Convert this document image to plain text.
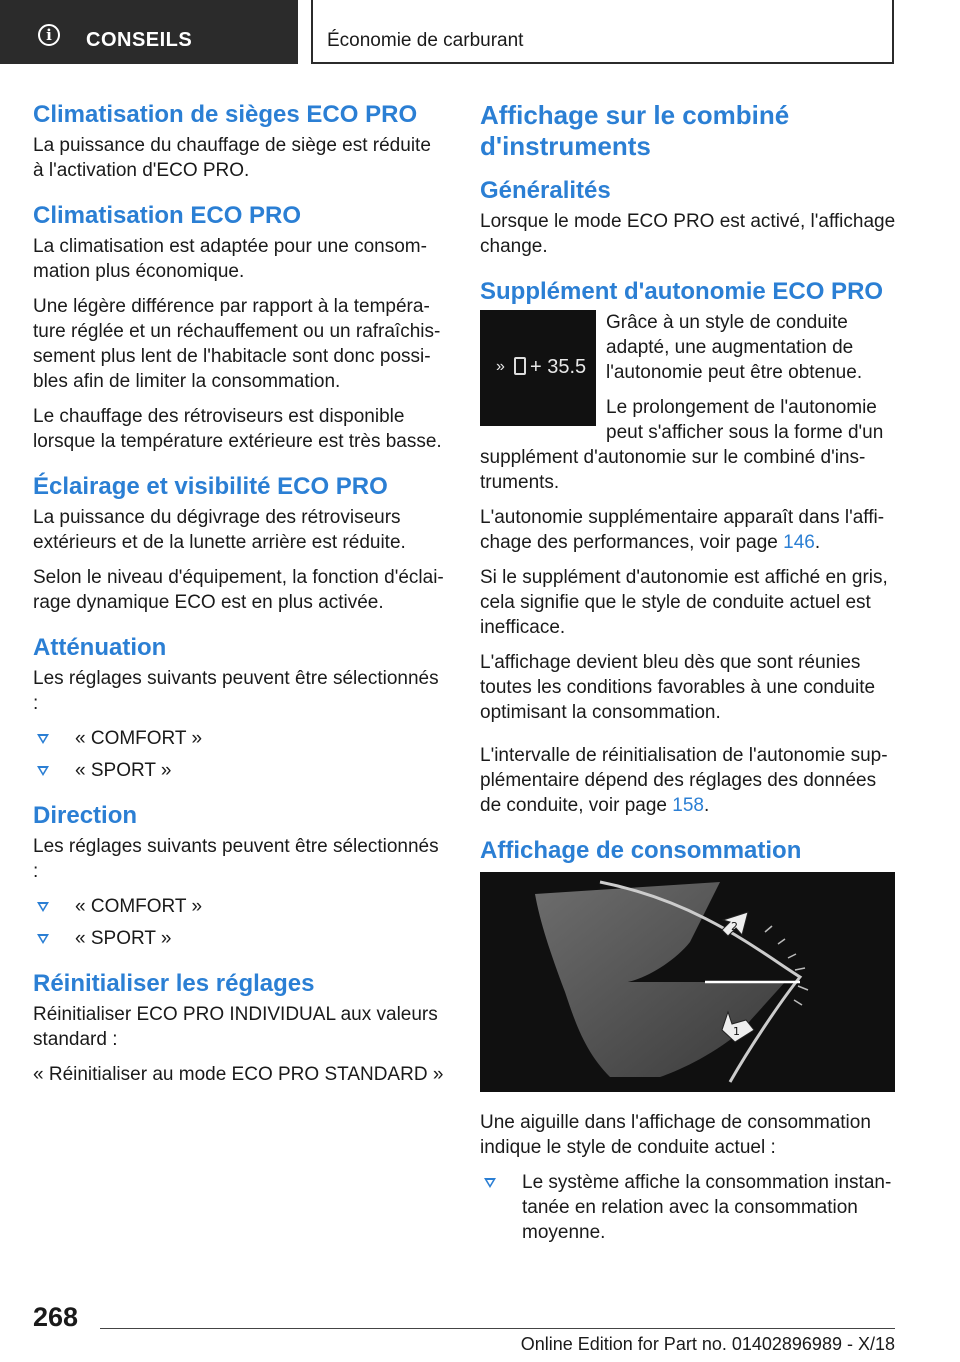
i	CONSEILS	Économie de carburant
Climatisation de sièges ECO PRO

La puissance du chauffage de siège est réduite à l'activation d'ECO PRO.

Climatisation ECO PRO

La climatisation est adaptée pour une consommation plus économique.

Une légère différence par rapport à la température réglée et un réchauffement ou un rafraîchissement plus lent de l'habitacle sont donc possibles afin de limiter la consommation.

Le chauffage des rétroviseurs est disponible lorsque la température extérieure est très basse.

Éclairage et visibilité ECO PRO

La puissance du dégivrage des rétroviseurs extérieurs et de la lunette arrière est réduite.

Selon le niveau d'équipement, la fonction d'éclairage dynamique ECO est en plus activée.

Atténuation

Les réglages suivants peuvent être sélectionnés :

« COMFORT »
« SPORT »
Direction

Les réglages suivants peuvent être sélectionnés :

« COMFORT »
« SPORT »
Réinitialiser les réglages

Réinitialiser ECO PRO INDIVIDUAL aux valeurs standard :

« Réinitialiser au mode ECO PRO STANDARD »

Affichage sur le combiné d'instruments
Généralités

Lorsque le mode ECO PRO est activé, l'affichage change.

Supplément d'autonomie ECO PRO
» + 35.5

Grâce à un style de conduite adapté, une augmentation de l'autonomie peut être obtenue.

Le prolongement de l'autonomie peut s'afficher sous la forme d'un supplément d'autonomie sur le combiné d'instruments.

L'autonomie supplémentaire apparaît dans l'affichage des performances, voir page 146.

Si le supplément d'autonomie est affiché en gris, cela signifie que le style de conduite actuel est inefficace.

L'affichage devient bleu dès que sont réunies toutes les conditions favorables à une conduite optimisant la consommation.

L'intervalle de réinitialisation de l'autonomie supplémentaire dépend des réglages des données de conduite, voir page 158.

Affichage de consommation
2
1

Une aiguille dans l'affichage de consommation indique le style de conduite actuel :

Le système affiche la consommation instantanée en relation avec la consommation moyenne.
268
Online Edition for Part no. 01402896989 - X/18
